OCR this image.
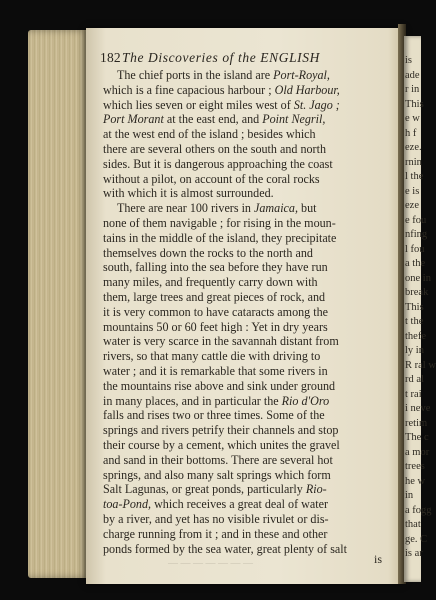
is
ade
r in
This
e w
h f
eze.
rnin
l the
e is
eze
e fou
nfing
l fou
a the
one in
break
This
t the
thefe
ly in
R ral w
rd al
t rai
i neve
retim
The c
a mor
trees
he w
in
a fogg
that
ge. C
is ar
182 The Discoveries of the ENGLISH
The chief ports in the island are Port-Royal,
which is a fine capacious harbour ; Old Harbour,
which lies seven or eight miles west of St. Jago ;
Port Morant at the east end, and Point Negril,
at the west end of the island ; besides which
there are several others on the south and north
sides. But it is dangerous approaching the coast
without a pilot, on account of the coral rocks
with which it is almost surrounded.
There are near 100 rivers in Jamaica, but
none of them navigable ; for rising in the moun-
tains in the middle of the island, they precipitate
themselves down the rocks to the north and
south, falling into the sea before they have run
many miles, and frequently carry down with
them, large trees and great pieces of rock, and
it is very common to have cataracts among the
mountains 50 or 60 feet high : Yet in dry years
water is very scarce in the savannah distant from
rivers, so that many cattle die with driving to
water ; and it is remarkable that some rivers in
the mountains rise above and sink under ground
in many places, and in particular the Rio d'Oro
falls and rises two or three times. Some of the
springs and rivers petrify their channels and stop
their course by a cement, which unites the gravel
and sand in their bottoms. There are several hot
springs, and also many salt springs which form
Salt Lagunas, or great ponds, particularly Rio-
toa-Pond, which receives a great deal of water
by a river, and yet has no visible rivulet or dis-
charge running from it ; and in these and other
ponds formed by the sea water, great plenty of salt
is
— — — — — — —
